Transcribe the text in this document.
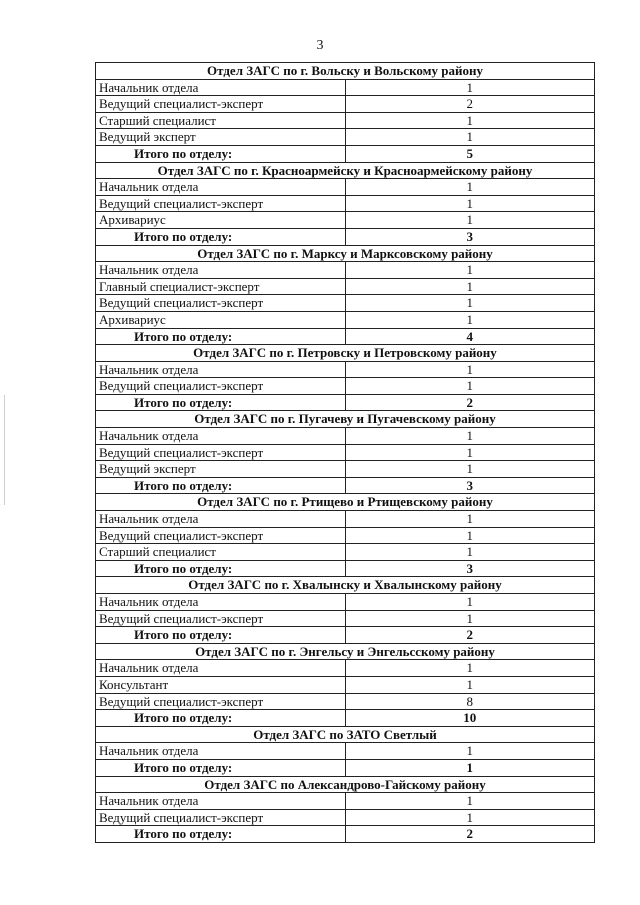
3
Отдел ЗАГС по г. Вольску и Вольскому району	
Начальник отдела	1
Ведущий специалист-эксперт	2
Старший специалист	1
Ведущий эксперт	1
Итого по отделу:	5
Отдел ЗАГС по г. Красноармейску и Красноармейскому району	
Начальник отдела	1
Ведущий специалист-эксперт	1
Архивариус	1
Итого по отделу:	3
Отдел ЗАГС по г. Марксу и Марксовскому району	
Начальник отдела	1
Главный специалист-эксперт	1
Ведущий специалист-эксперт	1
Архивариус	1
Итого по отделу:	4
Отдел ЗАГС по г. Петровску и Петровскому району	
Начальник отдела	1
Ведущий специалист-эксперт	1
Итого по отделу:	2
Отдел ЗАГС по г. Пугачеву и Пугачевскому району	
Начальник отдела	1
Ведущий специалист-эксперт	1
Ведущий эксперт	1
Итого по отделу:	3
Отдел ЗАГС по г. Ртищево и Ртищевскому району	
Начальник отдела	1
Ведущий специалист-эксперт	1
Старший специалист	1
Итого по отделу:	3
Отдел ЗАГС по г. Хвалынску и Хвалынскому району	
Начальник отдела	1
Ведущий специалист-эксперт	1
Итого по отделу:	2
Отдел ЗАГС по г. Энгельсу и Энгельсскому району	
Начальник отдела	1
Консультант	1
Ведущий специалист-эксперт	8
Итого по отделу:	10
Отдел ЗАГС по ЗАТО Светлый	
Начальник отдела	1
Итого по отделу:	1
Отдел ЗАГС по Александрово-Гайскому району	
Начальник отдела	1
Ведущий специалист-эксперт	1
Итого по отделу:	2
